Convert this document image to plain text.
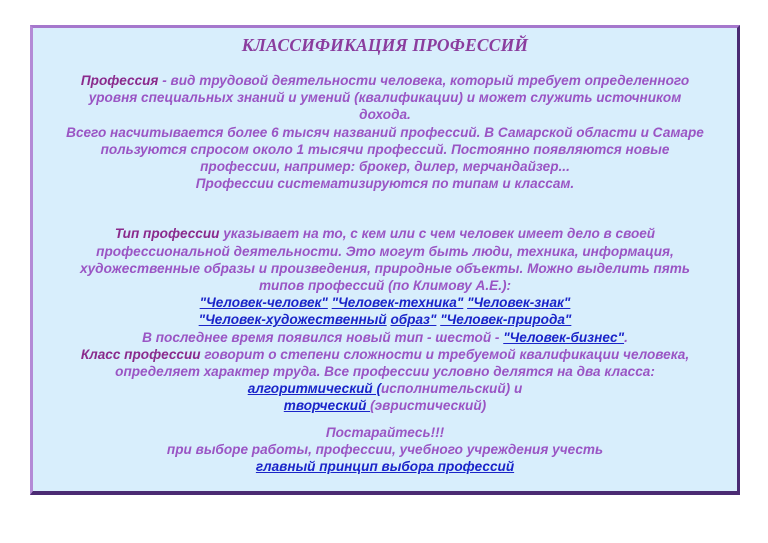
КЛАССИФИКАЦИЯ ПРОФЕССИЙ
Профессия - вид трудовой деятельности человека, который требует определенного
уровня специальных знаний и умений (квалификации) и может служить источником
дохода.
Всего насчитывается более 6 тысяч названий профессий. В Самарской области и Самаре
пользуются спросом около 1 тысячи профессий. Постоянно появляются новые
профессии, например: брокер, дилер, мерчандайзер...
Профессии систематизируются по типам и классам.
Тип профессии указывает на то, с кем или с чем человек имеет дело в своей
профессиональной деятельности. Это могут быть люди, техника, информация,
художественные образы и произведения, природные объекты. Можно выделить пять
типов профессий (по Климову А.Е.):
"Человек-человек" "Человек-техника" "Человек-знак"
"Человек-художественный образ" "Человек-природа"
В последнее время появился новый тип - шестой - "Человек-бизнес".
Класс профессии говорит о степени сложности и требуемой квалификации человека,
определяет характер труда. Все профессии условно делятся на два класса:
алгоритмический (исполнительский) и
творческий (эвристический)
Постарайтесь!!!
при выборе работы, профессии, учебного учреждения учесть
главный принцип выбора профессий
